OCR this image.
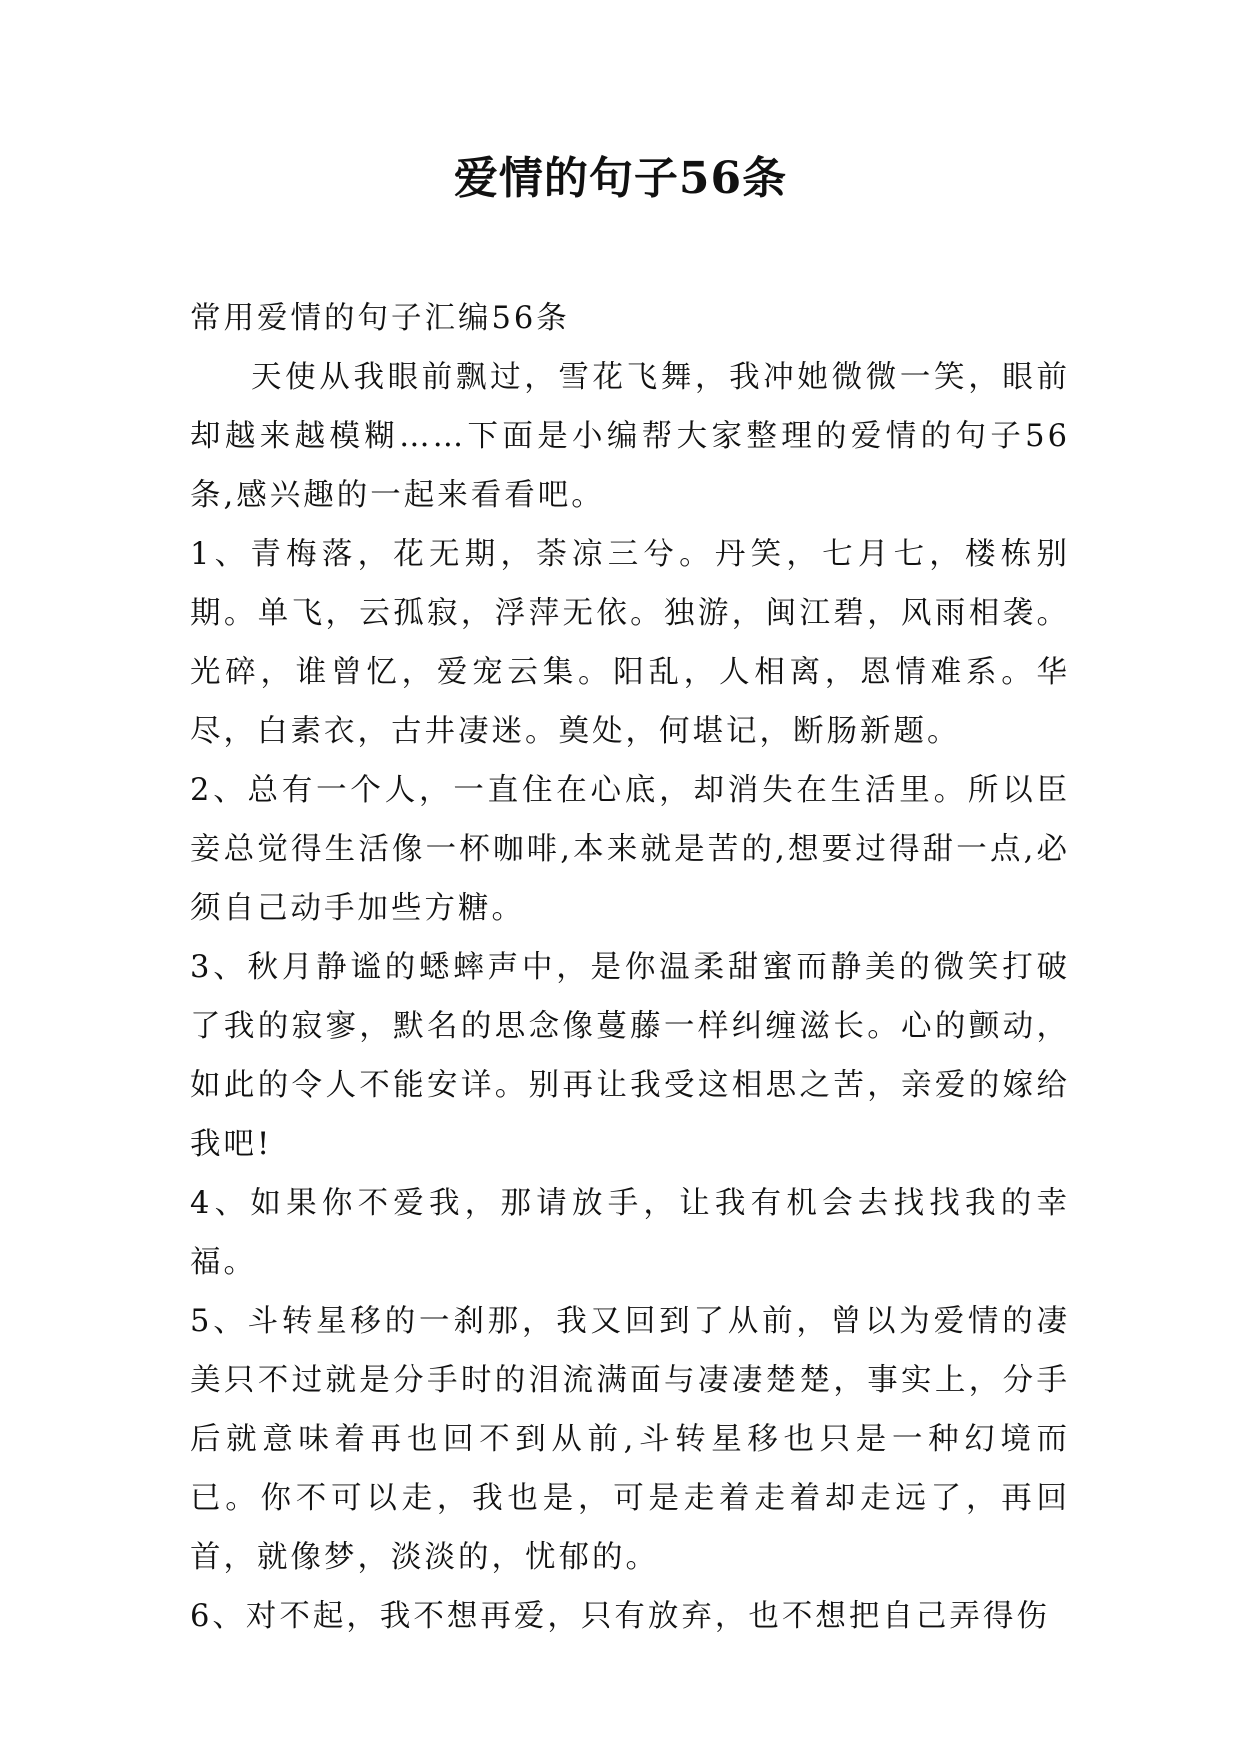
爱情的句子56条

常用爱情的句子汇编56条

天使从我眼前飘过，雪花飞舞，我冲她微微一笑，眼前却越来越模糊……下面是小编帮大家整理的爱情的句子56条,感兴趣的一起来看看吧。

1、青梅落，花无期，荼凉三兮。丹笑，七月七，楼栋别期。单飞，云孤寂，浮萍无依。独游，闽江碧，风雨相袭。光碎，谁曾忆，爱宠云集。阳乱，人相离，恩情难系。华尽，白素衣，古井凄迷。奠处，何堪记，断肠新题。

2、总有一个人，一直住在心底，却消失在生活里。所以臣妾总觉得生活像一杯咖啡,本来就是苦的,想要过得甜一点,必须自己动手加些方糖。

3、秋月静谧的蟋蟀声中，是你温柔甜蜜而静美的微笑打破了我的寂寥，默名的思念像蔓藤一样纠缠滋长。心的颤动，如此的令人不能安详。别再让我受这相思之苦，亲爱的嫁给我吧!

4、如果你不爱我，那请放手，让我有机会去找找我的幸福。

5、斗转星移的一刹那，我又回到了从前，曾以为爱情的凄美只不过就是分手时的泪流满面与凄凄楚楚，事实上，分手后就意味着再也回不到从前,斗转星移也只是一种幻境而已。你不可以走，我也是，可是走着走着却走远了，再回首，就像梦，淡淡的，忧郁的。

6、对不起，我不想再爱，只有放弃，也不想把自己弄得伤
